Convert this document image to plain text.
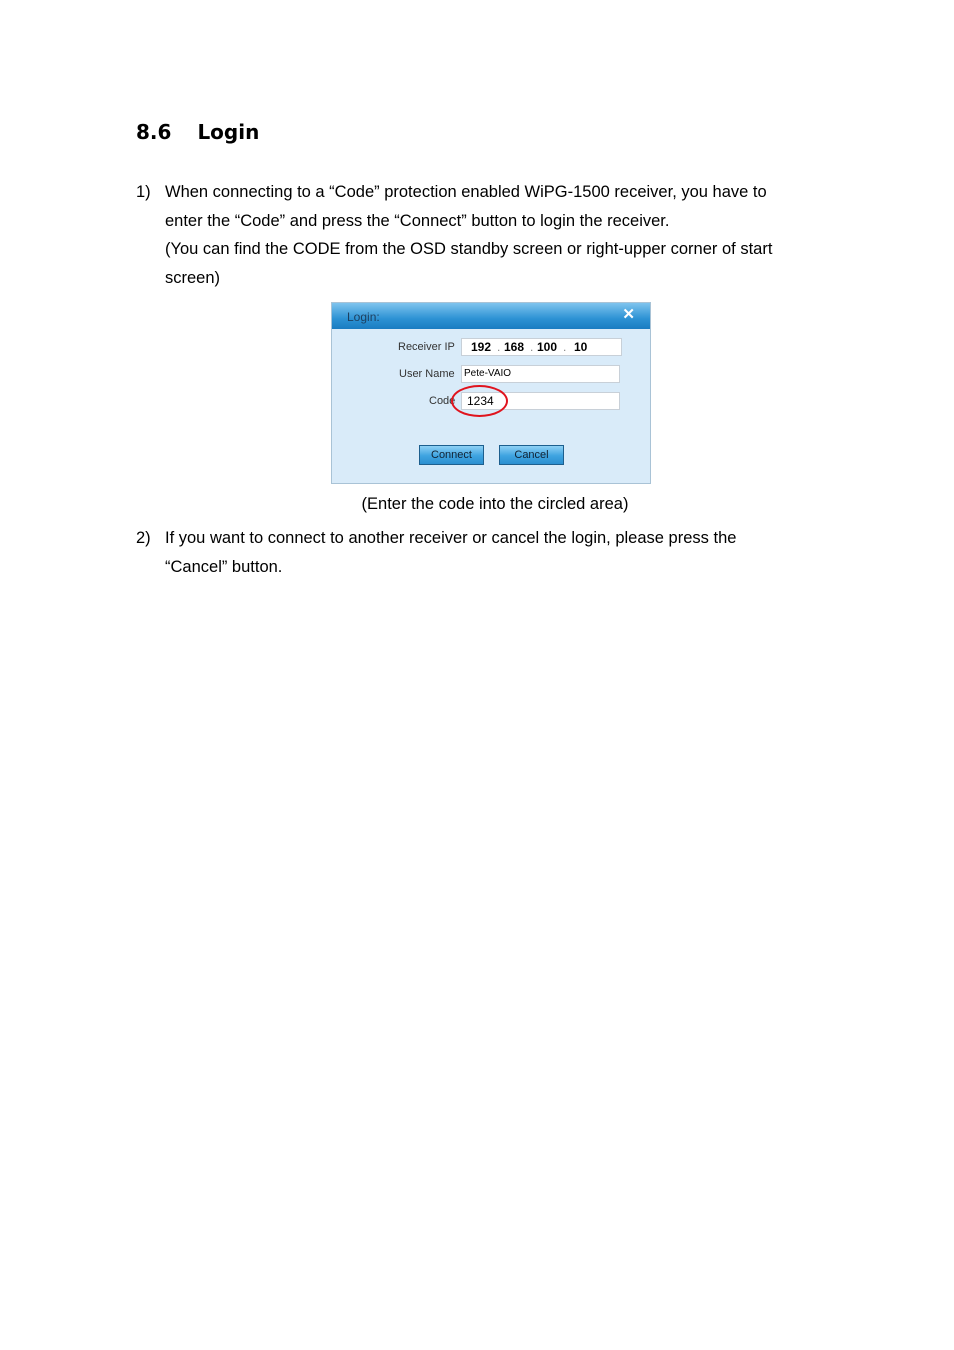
8.6 Login
1) When connecting to a “Code” protection enabled WiPG-1500 receiver, you have to
enter the “Code” and press the “Connect” button to login the receiver.
(You can find the CODE from the OSD standby screen or right-upper corner of start
screen)
Login:	✕
Receiver IP 192 . 168 . 100 . 10
User Name Pete-VAIO
Code 1234
Connect	Cancel
(Enter the code into the circled area)
2) If you want to connect to another receiver or cancel the login, please press the
“Cancel” button.
